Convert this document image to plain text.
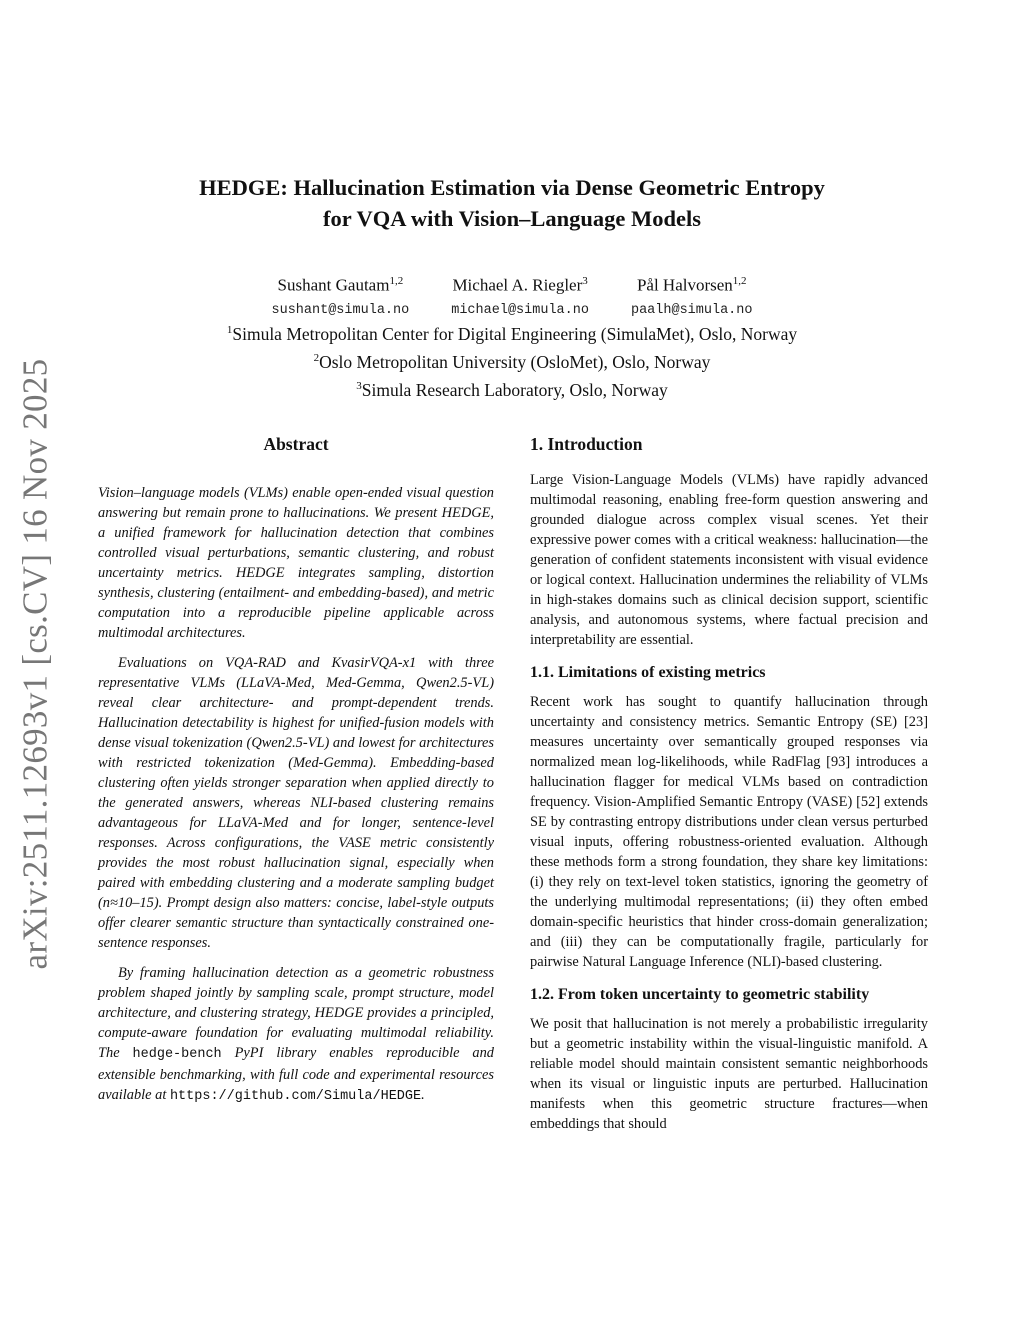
arXiv:2511.12693v1 [cs.CV] 16 Nov 2025
HEDGE: Hallucination Estimation via Dense Geometric Entropy
for VQA with Vision–Language Models
Sushant Gautam$^{1,2}$
sushant@simula.no
Michael A. Riegler$^3$
michael@simula.no
Pål Halvorsen$^{1,2}$
paalh@simula.no
$^1$Simula Metropolitan Center for Digital Engineering (SimulaMet), Oslo, Norway
$^2$Oslo Metropolitan University (OsloMet), Oslo, Norway
$^3$Simula Research Laboratory, Oslo, Norway
Abstract

Vision–language models (VLMs) enable open-ended visual question answering but remain prone to hallucinations. We present HEDGE, a unified framework for hallucination detection that combines controlled visual perturbations, semantic clustering, and robust uncertainty metrics. HEDGE integrates sampling, distortion synthesis, clustering (entailment- and embedding-based), and metric computation into a reproducible pipeline applicable across multimodal architectures.

Evaluations on VQA-RAD and KvasirVQA-x1 with three representative VLMs (LLaVA-Med, Med-Gemma, Qwen2.5-VL) reveal clear architecture- and prompt-dependent trends. Hallucination detectability is highest for unified-fusion models with dense visual tokenization (Qwen2.5-VL) and lowest for architectures with restricted tokenization (Med-Gemma). Embedding-based clustering often yields stronger separation when applied directly to the generated answers, whereas NLI-based clustering remains advantageous for LLaVA-Med and for longer, sentence-level responses. Across configurations, the VASE metric consistently provides the most robust hallucination signal, especially when paired with embedding clustering and a moderate sampling budget (n≈10–15). Prompt design also matters: concise, label-style outputs offer clearer semantic structure than syntactically constrained one-sentence responses.

By framing hallucination detection as a geometric robustness problem shaped jointly by sampling scale, prompt structure, model architecture, and clustering strategy, HEDGE provides a principled, compute-aware foundation for evaluating multimodal reliability. The hedge-bench PyPI library enables reproducible and extensible benchmarking, with full code and experimental resources available at https://github.com/Simula/HEDGE.

1. Introduction

Large Vision-Language Models (VLMs) have rapidly advanced multimodal reasoning, enabling free-form question answering and grounded dialogue across complex visual scenes. Yet their expressive power comes with a critical weakness: hallucination—the generation of confident statements inconsistent with visual evidence or logical context. Hallucination undermines the reliability of VLMs in high-stakes domains such as clinical decision support, scientific analysis, and autonomous systems, where factual precision and interpretability are essential.

1.1. Limitations of existing metrics

Recent work has sought to quantify hallucination through uncertainty and consistency metrics. Semantic Entropy (SE) [23] measures uncertainty over semantically grouped responses via normalized mean log-likelihoods, while RadFlag [93] introduces a hallucination flagger for medical VLMs based on contradiction frequency. Vision-Amplified Semantic Entropy (VASE) [52] extends SE by contrasting entropy distributions under clean versus perturbed visual inputs, offering robustness-oriented evaluation. Although these methods form a strong foundation, they share key limitations: (i) they rely on text-level token statistics, ignoring the geometry of the underlying multimodal representations; (ii) they often embed domain-specific heuristics that hinder cross-domain generalization; and (iii) they can be computationally fragile, particularly for pairwise Natural Language Inference (NLI)-based clustering.

1.2. From token uncertainty to geometric stability

We posit that hallucination is not merely a probabilistic irregularity but a geometric instability within the visual-linguistic manifold. A reliable model should maintain consistent semantic neighborhoods when its visual or linguistic inputs are perturbed. Hallucination manifests when this geometric structure fractures—when embeddings that should
